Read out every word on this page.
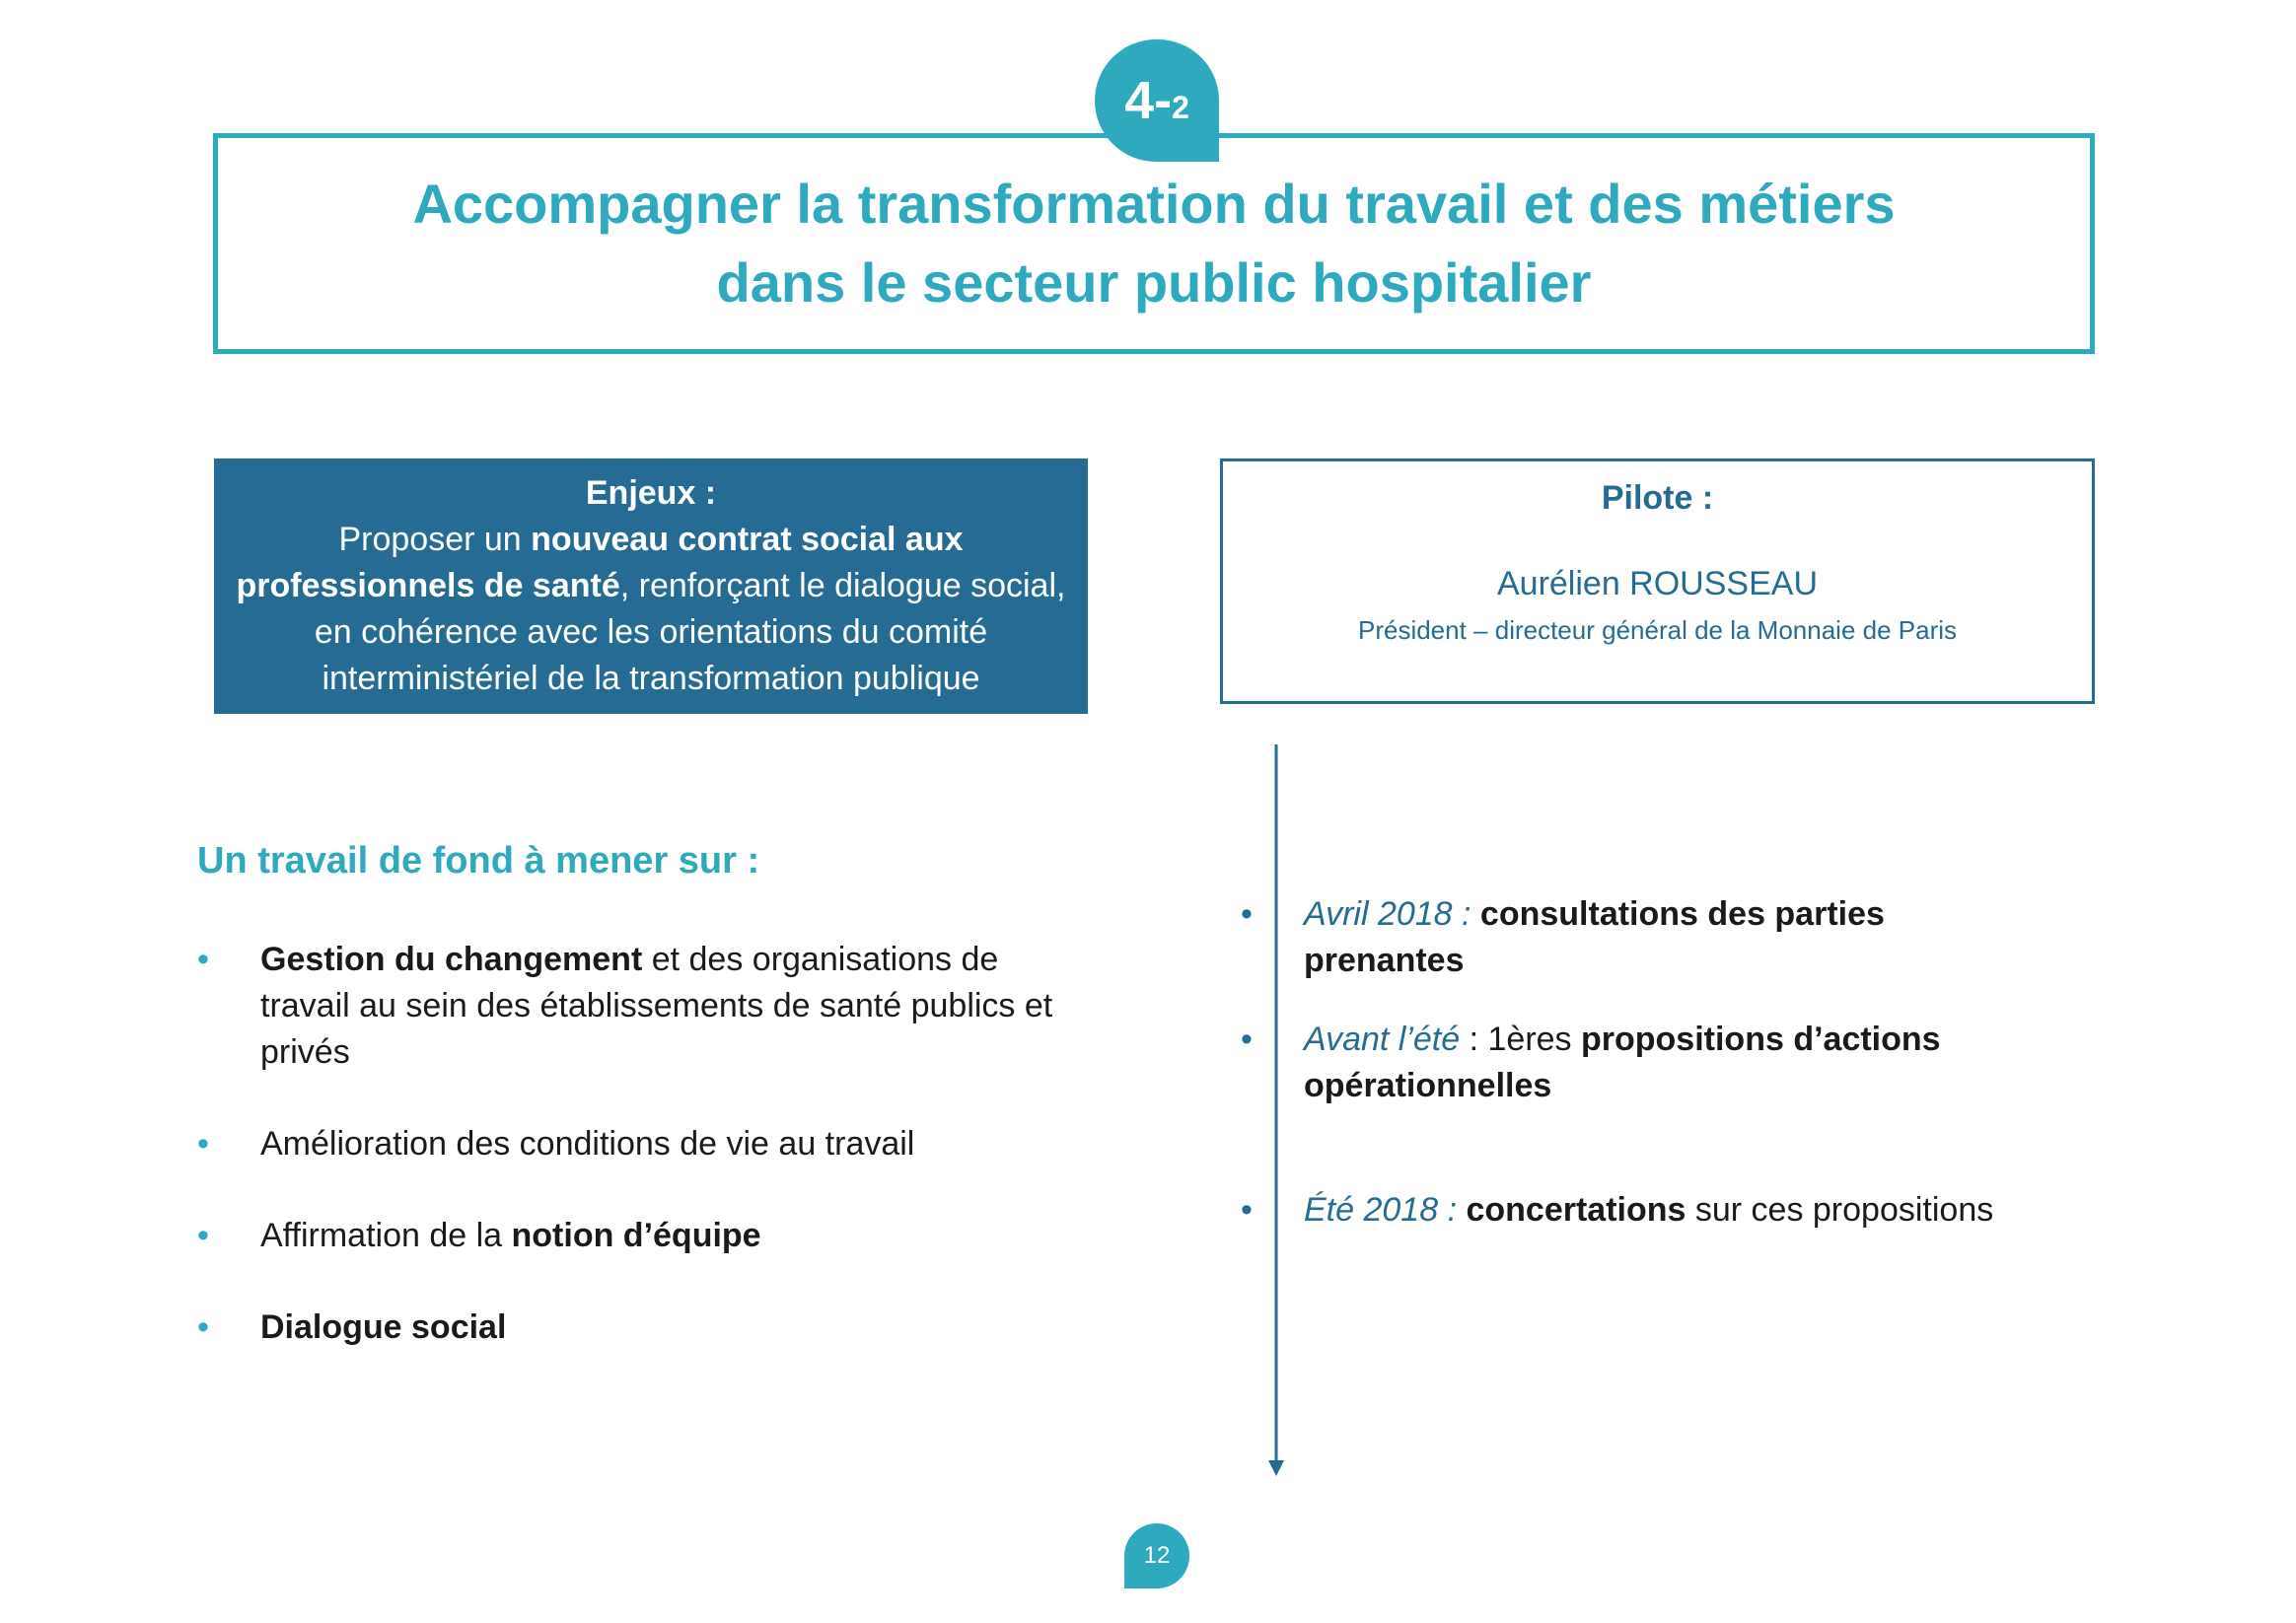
4- 2
Accompagner la transformation du travail et des métiers
dans le secteur public hospitalier
Enjeux :
Proposer un nouveau contrat social aux professionnels de santé, renforçant le dialogue social, en cohérence avec les orientations du comité interministériel de la transformation publique
Pilote :
Aurélien ROUSSEAU
Président – directeur général de la Monnaie de Paris
Un travail de fond à mener sur :
• Gestion du changement et des organisations de travail au sein des établissements de santé publics et privés
• Amélioration des conditions de vie au travail
• Affirmation de la notion d’équipe
• Dialogue social
• Avril 2018 : consultations des parties prenantes
• Avant l’été : 1ères propositions d’actions opérationnelles
• Été 2018 : concertations sur ces propositions
12
